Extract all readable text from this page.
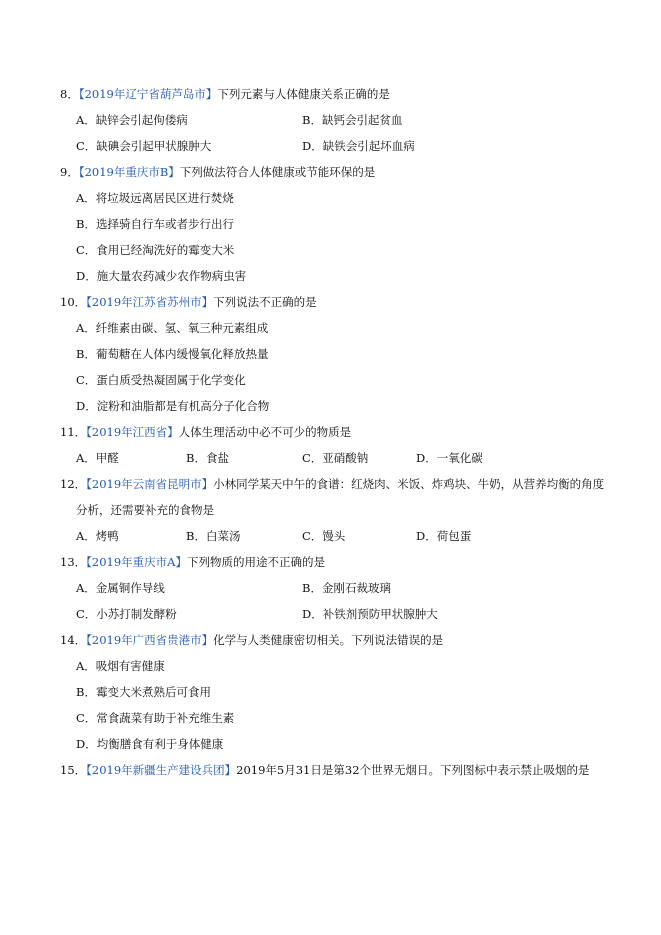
8．【2019年辽宁省葫芦岛市】下列元素与人体健康关系正确的是
A．缺锌会引起佝偻病	B．缺钙会引起贫血
C．缺碘会引起甲状腺肿大	D．缺铁会引起坏血病
9．【2019年重庆市B】下列做法符合人体健康或节能环保的是
A．将垃圾远离居民区进行焚烧
B．选择骑自行车或者步行出行
C．食用已经淘洗好的霉变大米
D．施大量农药减少农作物病虫害
10．【2019年江苏省苏州市】下列说法不正确的是
A．纤维素由碳、氢、氧三种元素组成
B．葡萄糖在人体内缓慢氧化释放热量
C．蛋白质受热凝固属于化学变化
D．淀粉和油脂都是有机高分子化合物
11．【2019年江西省】人体生理活动中必不可少的物质是
A．甲醛	B．食盐	C．亚硝酸钠	D．一氧化碳
12．【2019年云南省昆明市】小林同学某天中午的食谱：红烧肉、米饭、炸鸡块、牛奶，从营养均衡的角度
分析，还需要补充的食物是
A．烤鸭	B．白菜汤	C．馒头	D．荷包蛋
13．【2019年重庆市A】下列物质的用途不正确的是
A．金属铜作导线	B．金刚石裁玻璃
C．小苏打制发酵粉	D．补铁剂预防甲状腺肿大
14．【2019年广西省贵港市】化学与人类健康密切相关。下列说法错误的是
A．吸烟有害健康
B．霉变大米煮熟后可食用
C．常食蔬菜有助于补充维生素
D．均衡膳食有利于身体健康
15．【2019年新疆生产建设兵团】2019年5月31日是第32个世界无烟日。下列图标中表示禁止吸烟的是
